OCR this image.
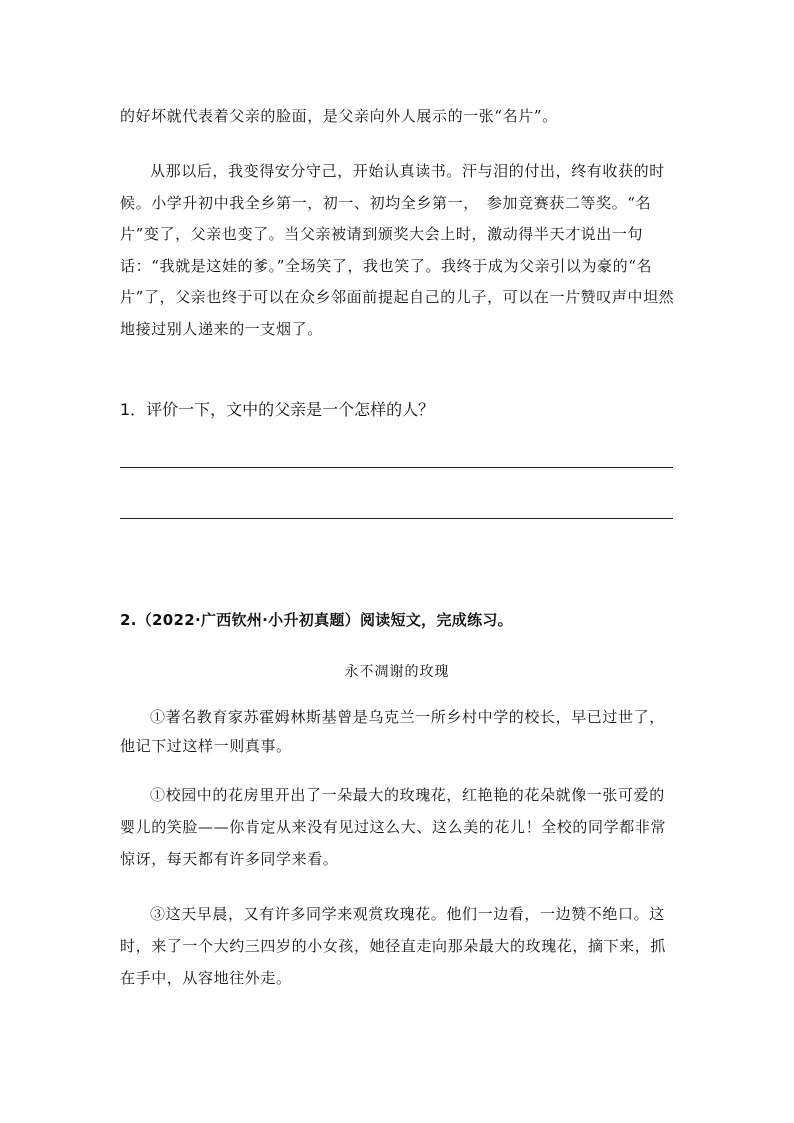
的好坏就代表着父亲的脸面，是父亲向外人展示的一张“名片”。

从那以后，我变得安分守己，开始认真读书。汗与泪的付出，终有收获的时候。小学升初中我全乡第一，初一、初均全乡第一，　参加竞赛获二等奖。“名片”变了，父亲也变了。当父亲被请到颁奖大会上时，激动得半天才说出一句话：“我就是这娃的爹。”全场笑了，我也笑了。我终于成为父亲引以为豪的“名片”了，父亲也终于可以在众乡邻面前提起自己的儿子，可以在一片赞叹声中坦然地接过别人递来的一支烟了。

1．评价一下，文中的父亲是一个怎样的人？

2.（2022·广西钦州·小升初真题）阅读短文，完成练习。

永不凋谢的玫瑰

①著名教育家苏霍姆林斯基曾是乌克兰一所乡村中学的校长，早已过世了，他记下过这样一则真事。

①校园中的花房里开出了一朵最大的玫瑰花，红艳艳的花朵就像一张可爱的婴儿的笑脸——你肯定从来没有见过这么大、这么美的花儿！全校的同学都非常惊讶，每天都有许多同学来看。

③这天早晨，又有许多同学来观赏玫瑰花。他们一边看，一边赞不绝口。这时，来了一个大约三四岁的小女孩，她径直走向那朵最大的玫瑰花，摘下来，抓在手中，从容地往外走。
